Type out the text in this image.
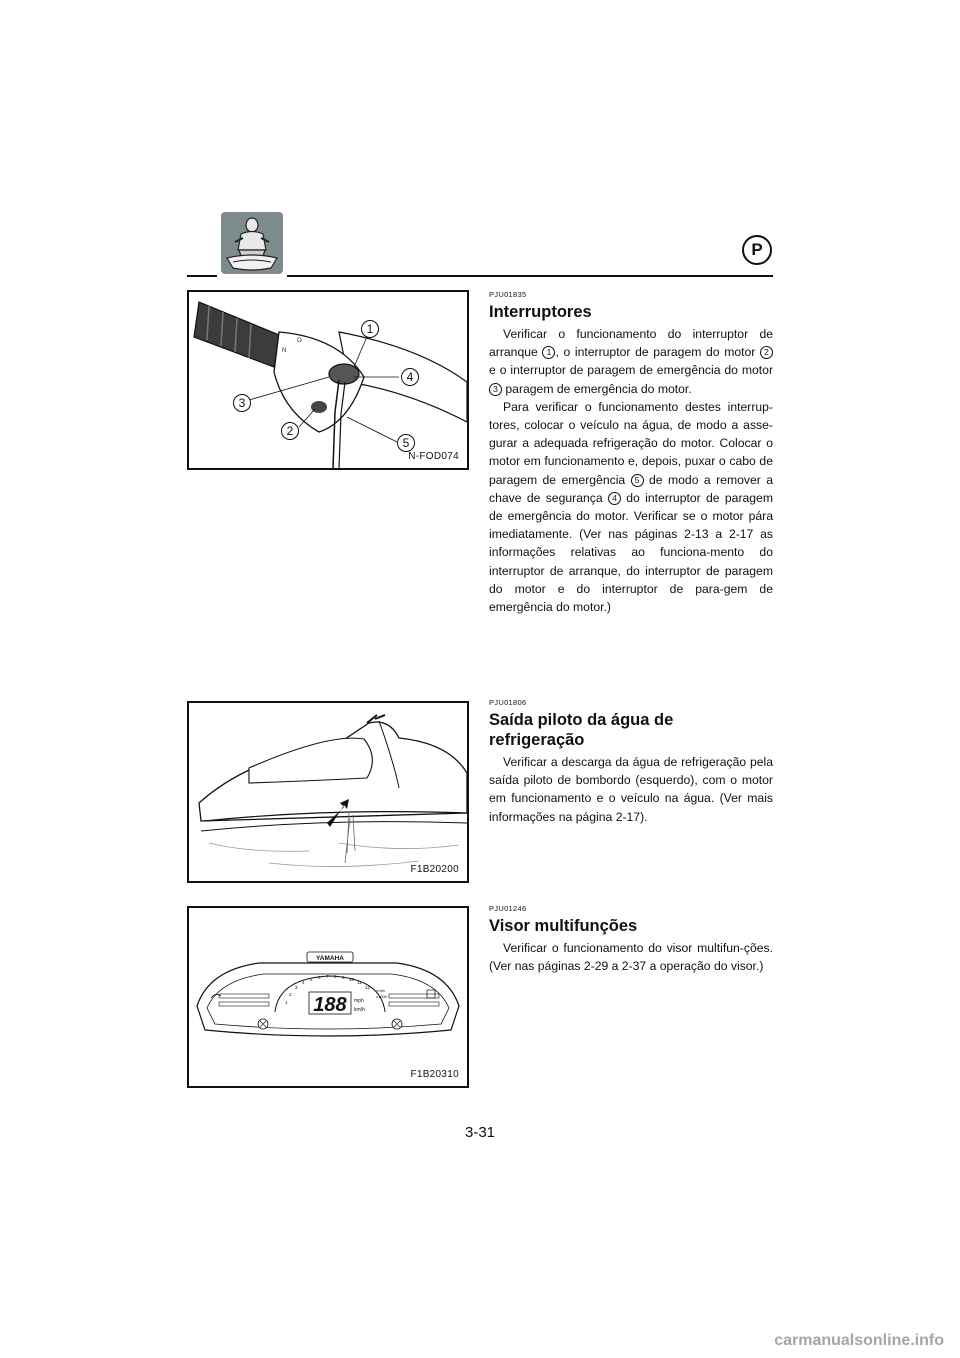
P
N
O
1
2
3
4
5
N-FOD074
PJU01835
Interruptores

Verificar o funcionamento do interruptor de arranque 1 , o interruptor de paragem do motor 2 e o interruptor de paragem de emergência do motor 3 paragem de emergência do motor.

Para verificar o funcionamento destes interrup-tores, colocar o veículo na água, de modo a asse-gurar a adequada refrigeração do motor. Colocar o motor em funcionamento e, depois, puxar o cabo de paragem de emergência 5 de modo a remover a chave de segurança 4 do interruptor de paragem de emergência do motor. Verificar se o motor pára imediatamente. (Ver nas páginas 2-13 a 2-17 as informações relativas ao funciona-mento do interruptor de arranque, do interruptor de paragem do motor e do interruptor de para-gem de emergência do motor.)

F1B20200
PJU01806
Saída piloto da água de refrigeração

Verificar a descarga da água de refrigeração pela saída piloto de bombordo (esquerdo), com o motor em funcionamento e o veículo na água. (Ver mais informações na página 2-17).

YAMAHA
1
2
3
4
5 6 7 8 9 10
11
12
188 mph
km/h
r/min
x1000
F1B20310
PJU01246
Visor multifunções

Verificar o funcionamento do visor multifun-ções. (Ver nas páginas 2-29 a 2-37 a operação do visor.)

3-31
carmanualsonline.info
